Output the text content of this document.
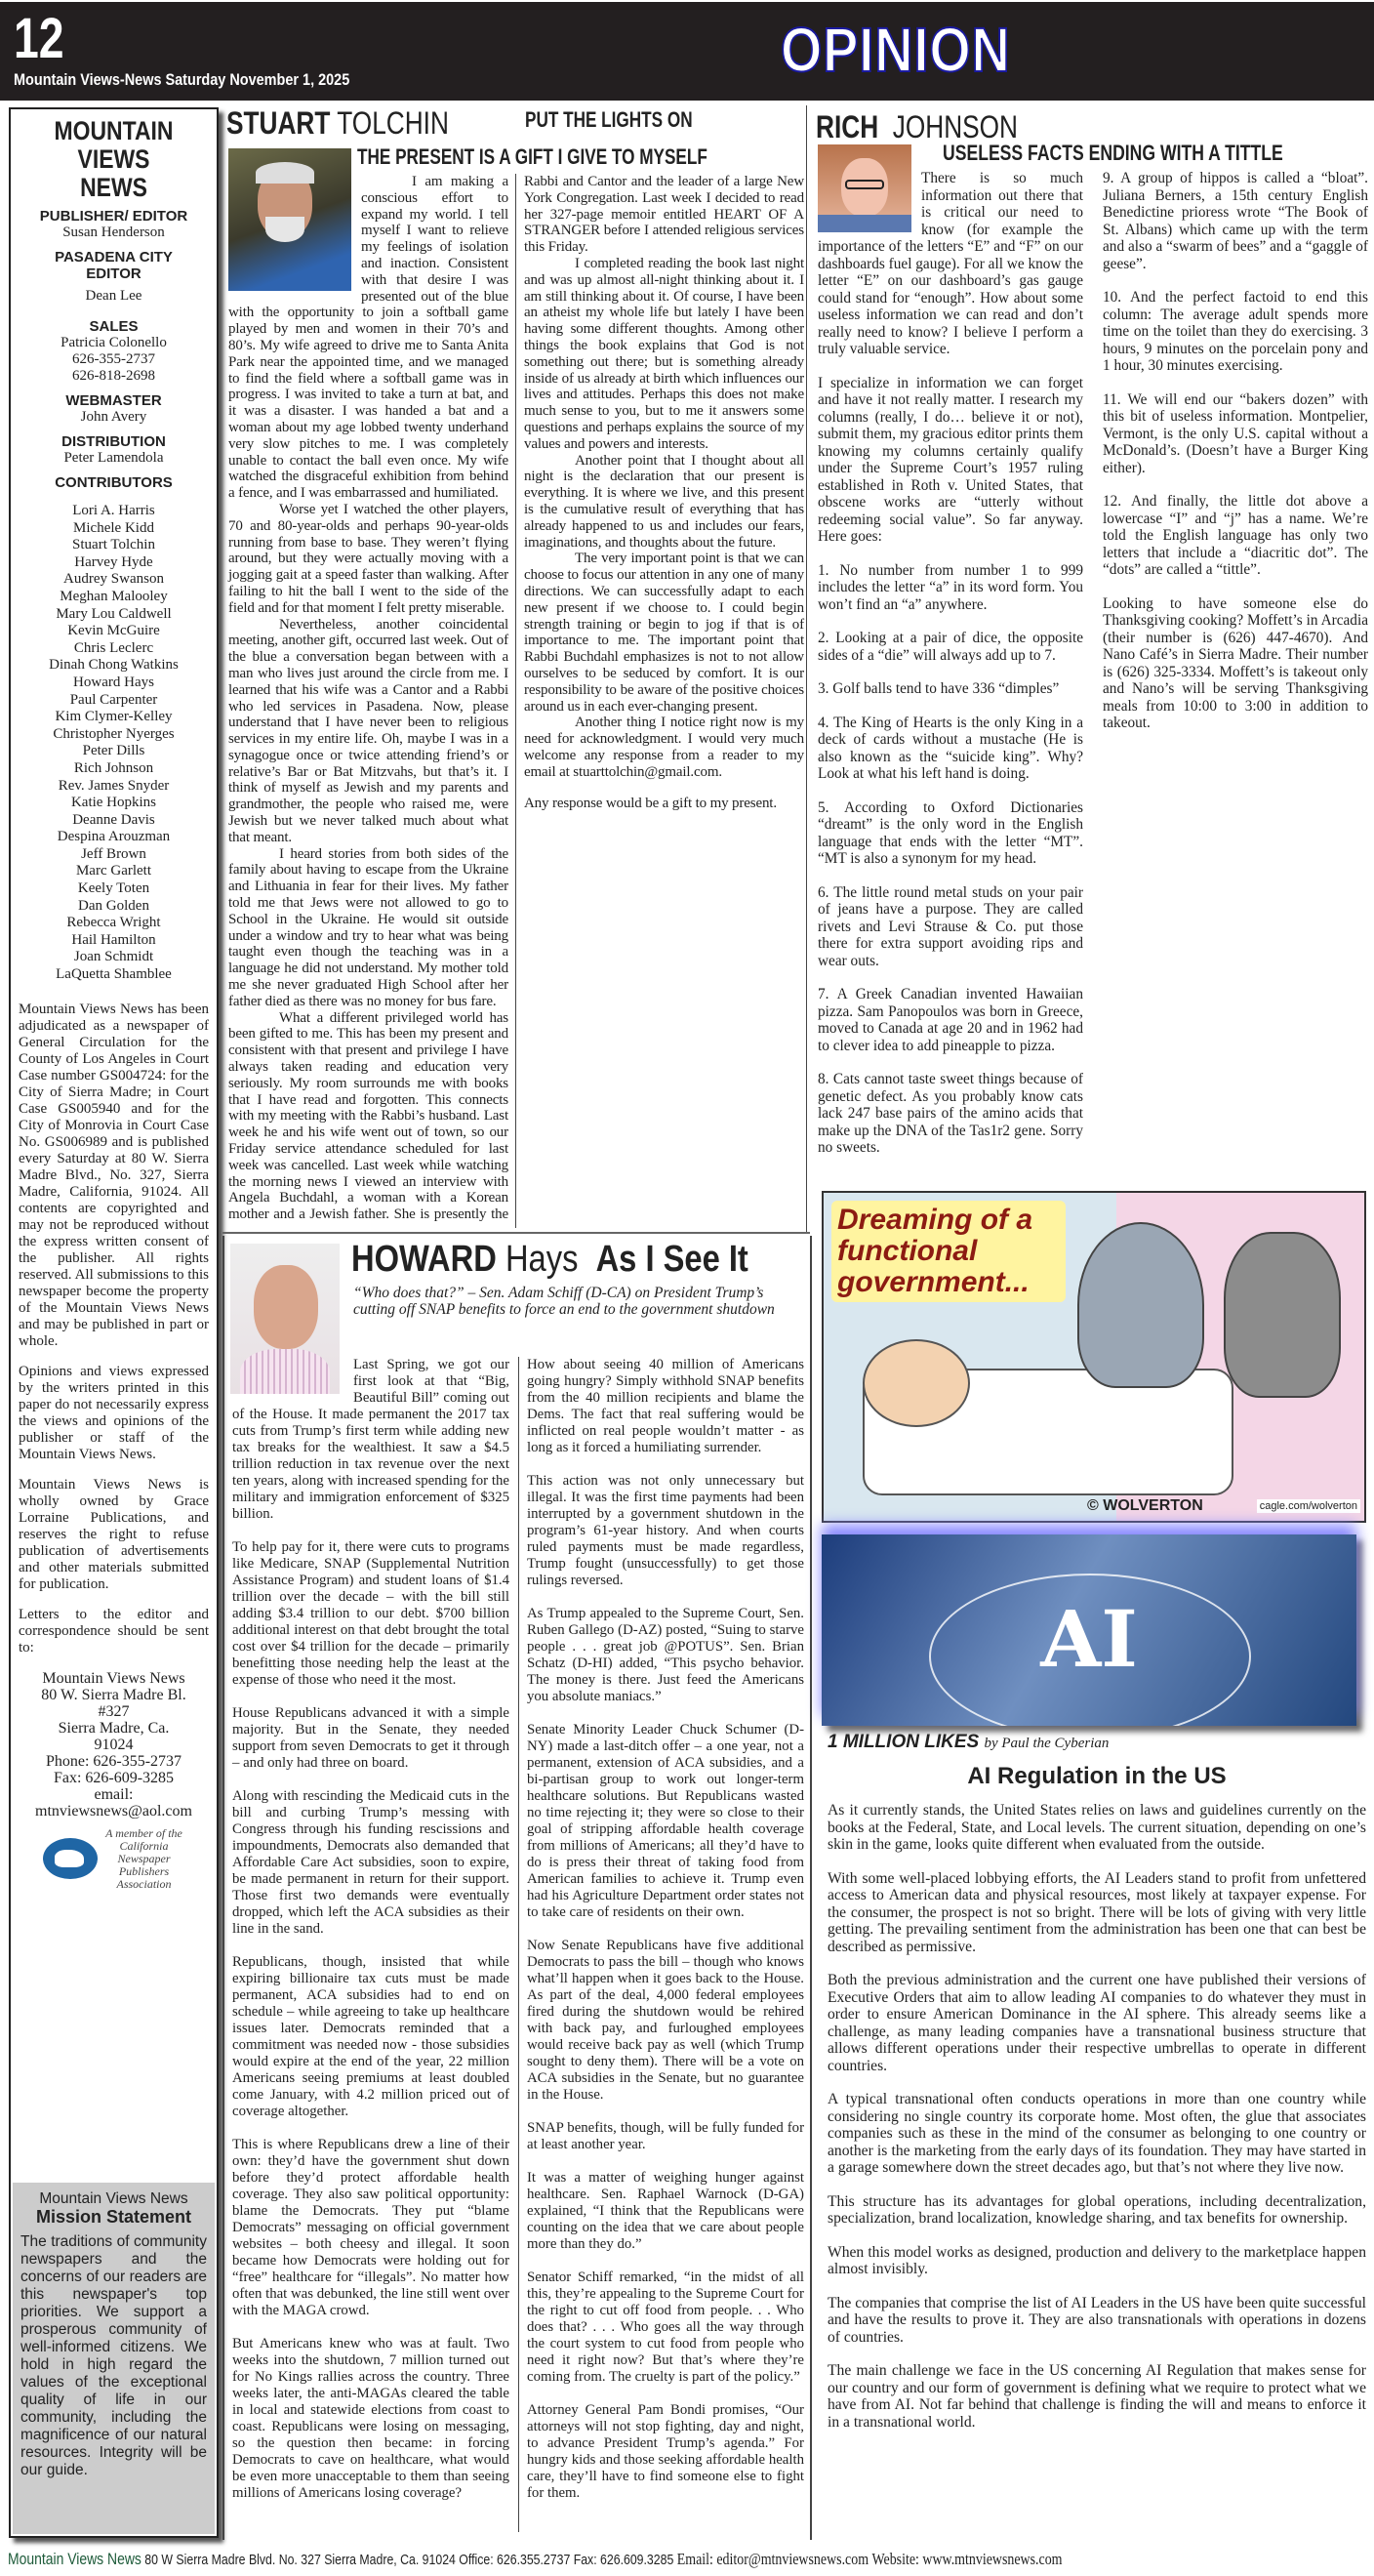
12
Mountain Views-News Saturday November 1, 2025	OPINION
MOUNTAIN
VIEWS
NEWS
PUBLISHER/ EDITOR
Susan Henderson
PASADENA CITY EDITOR
Dean Lee
SALES
Patricia Colonello
626-355-2737
626-818-2698
WEBMASTER
John Avery
DISTRIBUTION
Peter Lamendola
CONTRIBUTORS
Lori A. Harris
Michele Kidd
Stuart Tolchin
Harvey Hyde
Audrey Swanson
Meghan Malooley
Mary Lou Caldwell
Kevin McGuire
Chris Leclerc
Dinah Chong Watkins
Howard Hays
Paul Carpenter
Kim Clymer-Kelley
Christopher Nyerges
Peter Dills
Rich Johnson
Rev. James Snyder
Katie Hopkins
Deanne Davis
Despina Arouzman
Jeff Brown
Marc Garlett
Keely Toten
Dan Golden
Rebecca Wright
Hail Hamilton
Joan Schmidt
LaQuetta Shamblee

Mountain Views News has been adjudicated as a newspaper of General Circulation for the County of Los Angeles in Court Case number GS004724: for the City of Sierra Madre; in Court Case GS005940 and for the City of Monrovia in Court Case No. GS006989 and is published every Saturday at 80 W. Sierra Madre Blvd., No. 327, Sierra Madre, California, 91024. All contents are copyrighted and may not be reproduced without the express written consent of the publisher. All rights reserved. All submissions to this newspaper become the property of the Mountain Views News and may be published in part or whole.

Opinions and views expressed by the writers printed in this paper do not necessarily express the views and opinions of the publisher or staff of the Mountain Views News.

Mountain Views News is wholly owned by Grace Lorraine Publications, and reserves the right to refuse publication of advertisements and other materials submitted for publication.

Letters to the editor and correspondence should be sent to:

Mountain Views News
80 W. Sierra Madre Bl.
#327
Sierra Madre, Ca.
91024
Phone: 626-355-2737
Fax: 626-609-3285
email:
mtnviewsnews@aol.com
A member of the California Newspaper Publishers Association
Mountain Views News
Mission Statement
The traditions of community newspapers and the concerns of our readers are this newspaper's top priorities. We support a prosperous community of well-informed citizens. We hold in high regard the values of the exceptional quality of life in our community, including the magnificence of our natural resources. Integrity will be our guide.
STUART TOLCHIN	PUT THE LIGHTS ON
THE PRESENT IS A GIFT I GIVE TO MYSELF

I am making a conscious effort to expand my world. I tell myself I want to relieve my feelings of isolation and inaction. Consistent with that desire I was presented out of the blue with the opportunity to join a softball game played by men and women in their 70’s and 80’s. My wife agreed to drive me to Santa Anita Park near the appointed time, and we managed to find the field where a softball game was in progress. I was invited to take a turn at bat, and it was a disaster. I was handed a bat and a woman about my age lobbed twenty underhand very slow pitches to me. I was completely unable to contact the ball even once. My wife watched the disgraceful exhibition from behind a fence, and I was embarrassed and humiliated.

Worse yet I watched the other players, 70 and 80-year-olds and perhaps 90-year-olds running from base to base. They weren’t flying around, but they were actually moving with a jogging gait at a speed faster than walking. After failing to hit the ball I went to the side of the field and for that moment I felt pretty miserable.

Nevertheless, another coincidental meeting, another gift, occurred last week. Out of the blue a conversation began between with a man who lives just around the circle from me. I learned that his wife was a Cantor and a Rabbi who led services in Pasadena. Now, please understand that I have never been to religious services in my entire life. Oh, maybe I was in a synagogue once or twice attending friend’s or relative’s Bar or Bat Mitzvahs, but that’s it. I think of myself as Jewish and my parents and grandmother, the people who raised me, were Jewish but we never talked much about what that meant.

I heard stories from both sides of the family about having to escape from the Ukraine and Lithuania in fear for their lives. My father told me that Jews were not allowed to go to School in the Ukraine. He would sit outside under a window and try to hear what was being taught even though the teaching was in a language he did not understand. My mother told me she never graduated High School after her father died as there was no money for bus fare.

What a different privileged world has been gifted to me. This has been my present and consistent with that present and privilege I have always taken reading and education very seriously. My room surrounds me with books that I have read and forgotten. This connects with my meeting with the Rabbi’s husband. Last week he and his wife went out of town, so our Friday service attendance scheduled for last week was cancelled. Last week while watching the morning news I viewed an interview with Angela Buchdahl, a woman with a Korean mother and a Jewish father. She is presently the Rabbi and Cantor and the leader of a large New York Congregation. Last week I decided to read her 327-page memoir entitled HEART OF A STRANGER before I attended religious services this Friday.

I completed reading the book last night and was up almost all-night thinking about it. I am still thinking about it. Of course, I have been an atheist my whole life but lately I have been having some different thoughts. Among other things the book explains that God is not something out there; but is something already inside of us already at birth which influences our lives and attitudes. Perhaps this does not make much sense to you, but to me it answers some questions and perhaps explains the source of my values and powers and interests.

Another point that I thought about all night is the declaration that our present is everything. It is where we live, and this present is the cumulative result of everything that has already happened to us and includes our fears, imaginations, and thoughts about the future.

The very important point is that we can choose to focus our attention in any one of many directions. We can successfully adapt to each new present if we choose to. I could begin strength training or begin to jog if that is of importance to me. The important point that Rabbi Buchdahl emphasizes is not to not allow ourselves to be seduced by comfort. It is our responsibility to be aware of the positive choices around us in each ever-changing present.

Another thing I notice right now is my need for acknowledgment. I would very much welcome any response from a reader to my email at stuarttolchin@gmail.com.

Any response would be a gift to my present.

RICH JOHNSON
USELESS FACTS ENDING WITH A TITTLE

There is so much information out there that is critical our need to know (for example the importance of the letters “E” and “F” on our dashboards fuel gauge). For all we know the letter “E” on our dashboard’s gas gauge could stand for “enough”. How about some useless information we can read and don’t really need to know? I believe I perform a truly valuable service.

I specialize in information we can forget and have it not really matter. I research my columns (really, I do… believe it or not), submit them, my gracious editor prints them knowing my columns certainly qualify under the Supreme Court’s 1957 ruling established in Roth v. United States, that obscene works are “utterly without redeeming social value”. So far anyway. Here goes:

1. No number from number 1 to 999 includes the letter “a” in its word form. You won’t find an “a” anywhere.

2. Looking at a pair of dice, the opposite sides of a “die” will always add up to 7.

3. Golf balls tend to have 336 “dimples”

4. The King of Hearts is the only King in a deck of cards without a mustache (He is also known as the “suicide king”. Why? Look at what his left hand is doing.

5. According to Oxford Dictionaries “dreamt” is the only word in the English language that ends with the letter “MT”. “MT is also a synonym for my head.

6. The little round metal studs on your pair of jeans have a purpose. They are called rivets and Levi Strause & Co. put those there for extra support avoiding rips and wear outs.

7. A Greek Canadian invented Hawaiian pizza. Sam Panopoulos was born in Greece, moved to Canada at age 20 and in 1962 had to clever idea to add pineapple to pizza.

8. Cats cannot taste sweet things because of genetic defect. As you probably know cats lack 247 base pairs of the amino acids that make up the DNA of the Tas1r2 gene. Sorry no sweets.

9. A group of hippos is called a “bloat”. Juliana Berners, a 15th century English Benedictine prioress wrote “The Book of St. Albans) which came up with the term and also a “swarm of bees” and a “gaggle of geese”.

10. And the perfect factoid to end this column: The average adult spends more time on the toilet than they do exercising. 3 hours, 9 minutes on the porcelain pony and 1 hour, 30 minutes exercising.

11. We will end our “bakers dozen” with this bit of useless information. Montpelier, Vermont, is the only U.S. capital without a McDonald’s. (Doesn’t have a Burger King either).

12. And finally, the little dot above a lowercase “I” and “j” has a name. We’re told the English language has only two letters that include a “diacritic dot”. The “dots” are called a “tittle”.

Looking to have someone else do Thanksgiving cooking? Moffett’s in Arcadia (their number is (626) 447-4670). And Nano Café’s in Sierra Madre. Their number is (626) 325-3334. Moffett’s is takeout only and Nano’s will be serving Thanksgiving meals from 10:00 to 3:00 in addition to takeout.

Dreaming of a functional government...
© WOLVERTON	cagle.com/wolverton
AI
1 MILLION LIKES by Paul the Cyberian
AI Regulation in the US

As it currently stands, the United States relies on laws and guidelines currently on the books at the Federal, State, and Local levels. The current situation, depending on one’s skin in the game, looks quite different when evaluated from the outside.

With some well-placed lobbying efforts, the AI Leaders stand to profit from unfettered access to American data and physical resources, most likely at taxpayer expense. For the consumer, the prospect is not so bright. There will be lots of giving with very little getting. The prevailing sentiment from the administration has been one that can best be described as permissive.

Both the previous administration and the current one have published their versions of Executive Orders that aim to allow leading AI companies to do whatever they must in order to ensure American Dominance in the AI sphere. This already seems like a challenge, as many leading companies have a transnational business structure that allows different operations under their respective umbrellas to operate in different countries.

A typical transnational often conducts operations in more than one country while considering no single country its corporate home. Most often, the glue that associates companies such as these in the mind of the consumer as belonging to one country or another is the marketing from the early days of its foundation. They may have started in a garage somewhere down the street decades ago, but that’s not where they live now.

This structure has its advantages for global operations, including decentralization, specialization, brand localization, knowledge sharing, and tax benefits for ownership.

When this model works as designed, production and delivery to the marketplace happen almost invisibly.

The companies that comprise the list of AI Leaders in the US have been quite successful and have the results to prove it. They are also transnationals with operations in dozens of countries.

The main challenge we face in the US concerning AI Regulation that makes sense for our country and our form of government is defining what we require to protect what we have from AI. Not far behind that challenge is finding the will and means to enforce it in a transnational world.

HOWARD Hays As I See It
“Who does that?” – Sen. Adam Schiff (D-CA) on President Trump’s cutting off SNAP benefits to force an end to the government shutdown

Last Spring, we got our first look at that “Big, Beautiful Bill” coming out of the House. It made permanent the 2017 tax cuts from Trump’s first term while adding new tax breaks for the wealthiest. It saw a $4.5 trillion reduction in tax revenue over the next ten years, along with increased spending for the military and immigration enforcement of $325 billion.

To help pay for it, there were cuts to programs like Medicare, SNAP (Supplemental Nutrition Assistance Program) and student loans of $1.4 trillion over the decade – with the bill still adding $3.4 trillion to our debt. $700 billion additional interest on that debt brought the total cost over $4 trillion for the decade – primarily benefitting those needing help the least at the expense of those who need it the most.

House Republicans advanced it with a simple majority. But in the Senate, they needed support from seven Democrats to get it through – and only had three on board.

Along with rescinding the Medicaid cuts in the bill and curbing Trump’s messing with Congress through his funding rescissions and impoundments, Democrats also demanded that Affordable Care Act subsidies, soon to expire, be made permanent in return for their support. Those first two demands were eventually dropped, which left the ACA subsidies as their line in the sand.

Republicans, though, insisted that while expiring billionaire tax cuts must be made permanent, ACA subsidies had to end on schedule – while agreeing to take up healthcare issues later. Democrats reminded that a commitment was needed now - those subsidies would expire at the end of the year, 22 million Americans seeing premiums at least doubled come January, with 4.2 million priced out of coverage altogether.

This is where Republicans drew a line of their own: they’d have the government shut down before they’d protect affordable health coverage. They also saw political opportunity: blame the Democrats. They put “blame Democrats” messaging on official government websites – both cheesy and illegal. It soon became how Democrats were holding out for “free” healthcare for “illegals”. No matter how often that was debunked, the line still went over with the MAGA crowd.

But Americans knew who was at fault. Two weeks into the shutdown, 7 million turned out for No Kings rallies across the country. Three weeks later, the anti-MAGAs cleared the table in local and statewide elections from coast to coast. Republicans were losing on messaging, so the question then became: in forcing Democrats to cave on healthcare, what would be even more unacceptable to them than seeing millions of Americans losing coverage?

How about seeing 40 million of Americans going hungry? Simply withhold SNAP benefits from the 40 million recipients and blame the Dems. The fact that real suffering would be inflicted on real people wouldn’t matter - as long as it forced a humiliating surrender.

This action was not only unnecessary but illegal. It was the first time payments had been interrupted by a government shutdown in the program’s 61-year history. And when courts ruled payments must be made regardless, Trump fought (unsuccessfully) to get those rulings reversed.

As Trump appealed to the Supreme Court, Sen. Ruben Gallego (D-AZ) posted, “Suing to starve people . . . great job @POTUS”. Sen. Brian Schatz (D-HI) added, “This psycho behavior. The money is there. Just feed the Americans you absolute maniacs.”

Senate Minority Leader Chuck Schumer (D-NY) made a last-ditch offer – a one year, not a permanent, extension of ACA subsidies, and a bi-partisan group to work out longer-term healthcare solutions. But Republicans wasted no time rejecting it; they were so close to their goal of stripping affordable health coverage from millions of Americans; all they’d have to do is press their threat of taking food from American families to achieve it. Trump even had his Agriculture Department order states not to take care of residents on their own.

Now Senate Republicans have five additional Democrats to pass the bill – though who knows what’ll happen when it goes back to the House. As part of the deal, 4,000 federal employees fired during the shutdown would be rehired with back pay, and furloughed employees would receive back pay as well (which Trump sought to deny them). There will be a vote on ACA subsidies in the Senate, but no guarantee in the House.

SNAP benefits, though, will be fully funded for at least another year.

It was a matter of weighing hunger against healthcare. Sen. Raphael Warnock (D-GA) explained, “I think that the Republicans were counting on the idea that we care about people more than they do.”

Senator Schiff remarked, “in the midst of all this, they’re appealing to the Supreme Court for the right to cut off food from people. . . Who does that? . . . Who goes all the way through the court system to cut food from people who need it right now? But that’s where they’re coming from. The cruelty is part of the policy.”

Attorney General Pam Bondi promises, “Our attorneys will not stop fighting, day and night, to advance President Trump’s agenda.” For hungry kids and those seeking affordable health care, they’ll have to find someone else to fight for them.

Mountain Views News 80 W Sierra Madre Blvd. No. 327 Sierra Madre, Ca. 91024 Office: 626.355.2737 Fax: 626.609.3285 Email: editor@mtnviewsnews.com Website: www.mtnviewsnews.com
